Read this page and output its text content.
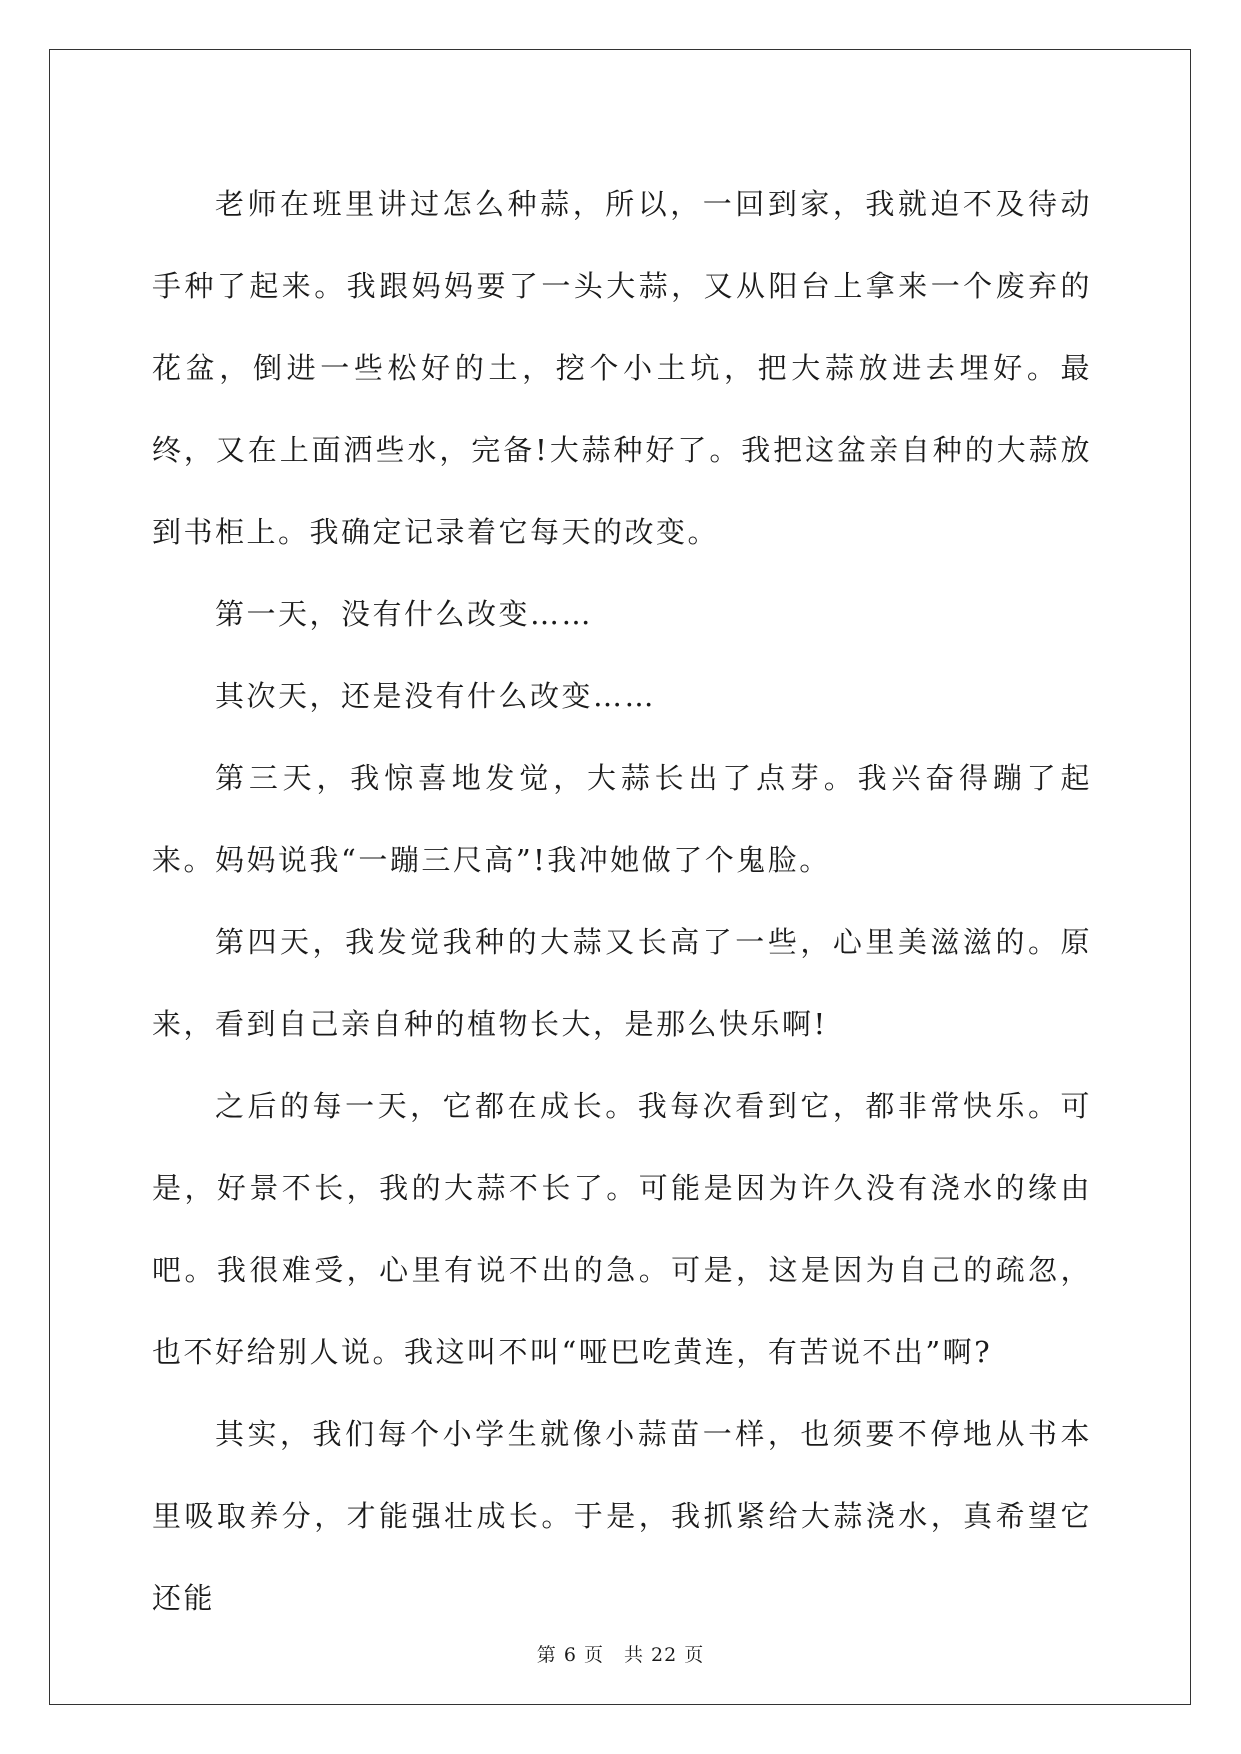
老师在班里讲过怎么种蒜，所以，一回到家，我就迫不及待动手种了起来。我跟妈妈要了一头大蒜，又从阳台上拿来一个废弃的花盆，倒进一些松好的土，挖个小土坑，把大蒜放进去埋好。最终，又在上面洒些水，完备!大蒜种好了。我把这盆亲自种的大蒜放到书柜上。我确定记录着它每天的改变。

第一天，没有什么改变……

其次天，还是没有什么改变……

第三天，我惊喜地发觉，大蒜长出了点芽。我兴奋得蹦了起来。妈妈说我“一蹦三尺高”!我冲她做了个鬼脸。

第四天，我发觉我种的大蒜又长高了一些，心里美滋滋的。原来，看到自己亲自种的植物长大，是那么快乐啊!

之后的每一天，它都在成长。我每次看到它，都非常快乐。可是，好景不长，我的大蒜不长了。可能是因为许久没有浇水的缘由吧。我很难受，心里有说不出的急。可是，这是因为自己的疏忽，也不好给别人说。我这叫不叫“哑巴吃黄连，有苦说不出”啊?

其实，我们每个小学生就像小蒜苗一样，也须要不停地从书本里吸取养分，才能强壮成长。于是，我抓紧给大蒜浇水，真希望它还能

第 6 页　共 22 页
